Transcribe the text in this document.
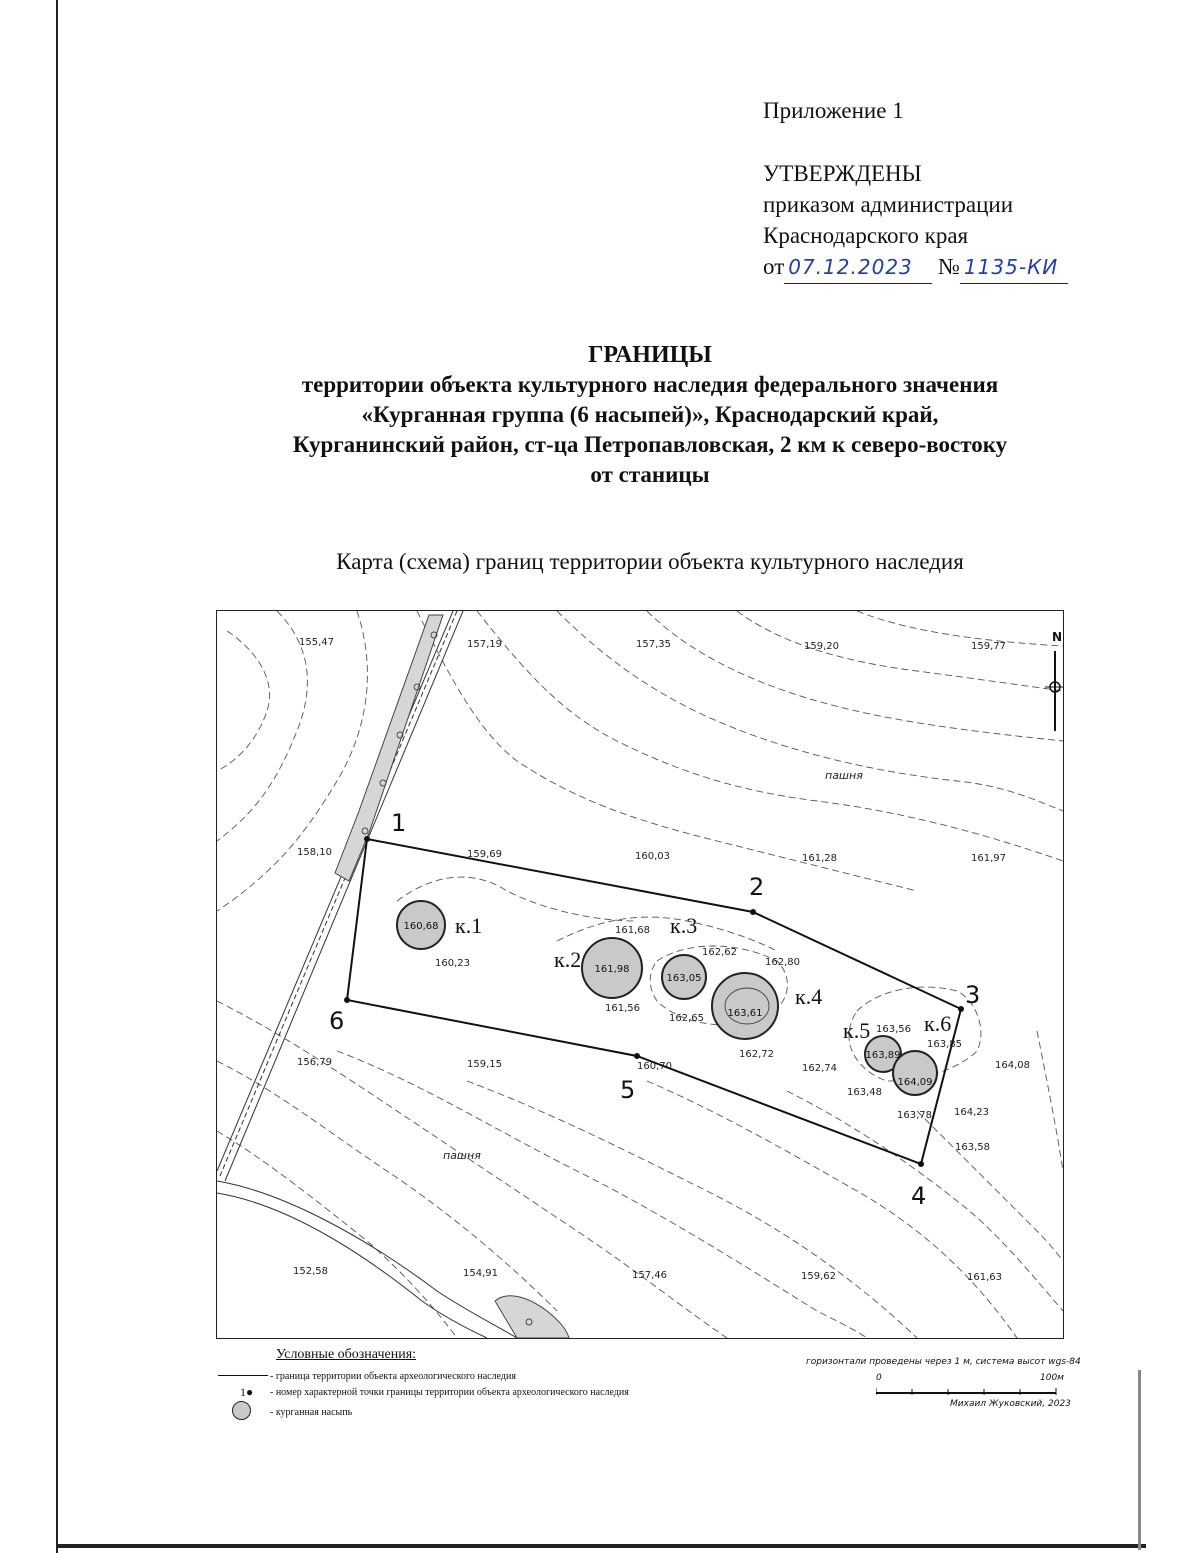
Приложение 1
УТВЕРЖДЕНЫ
приказом администрации
Краснодарского края
от 07.12.2023 № 1135-КИ
ГРАНИЦЫ
территории объекта культурного наследия федерального значения
«Курганная группа (6 насыпей)», Краснодарский край,
Курганинский район, ст-ца Петропавловская, 2 км к северо-востоку
от станицы
Карта (схема) границ территории объекта культурного наследия
160,68
161,98
163,05
163,61
163,89
164,09
к.1
к.2
к.3
к.4
к.5 к.6
1
2
3
4
5
6
155,47	157,19	157,35	159,20	159,77
158,10	159,69	160,03	161,28	161,97
160,23
161,68
162,62
162,80
161,56
162,65
162,72
163,56
163,85
156,79	159,15	160,70	162,74
163,48
164,08
163,78 164,23
163,58
152,58	154,91	157,46	159,62	161,63
пашня
пашня
N
Условные обозначения:
- граница территории объекта археологического наследия
1● - номер характерной точки границы территории объекта археологического наследия
- курганная насыпь
горизонтали проведены через 1 м, система высот wgs-84
0	100м
Михаил Жуковский, 2023
